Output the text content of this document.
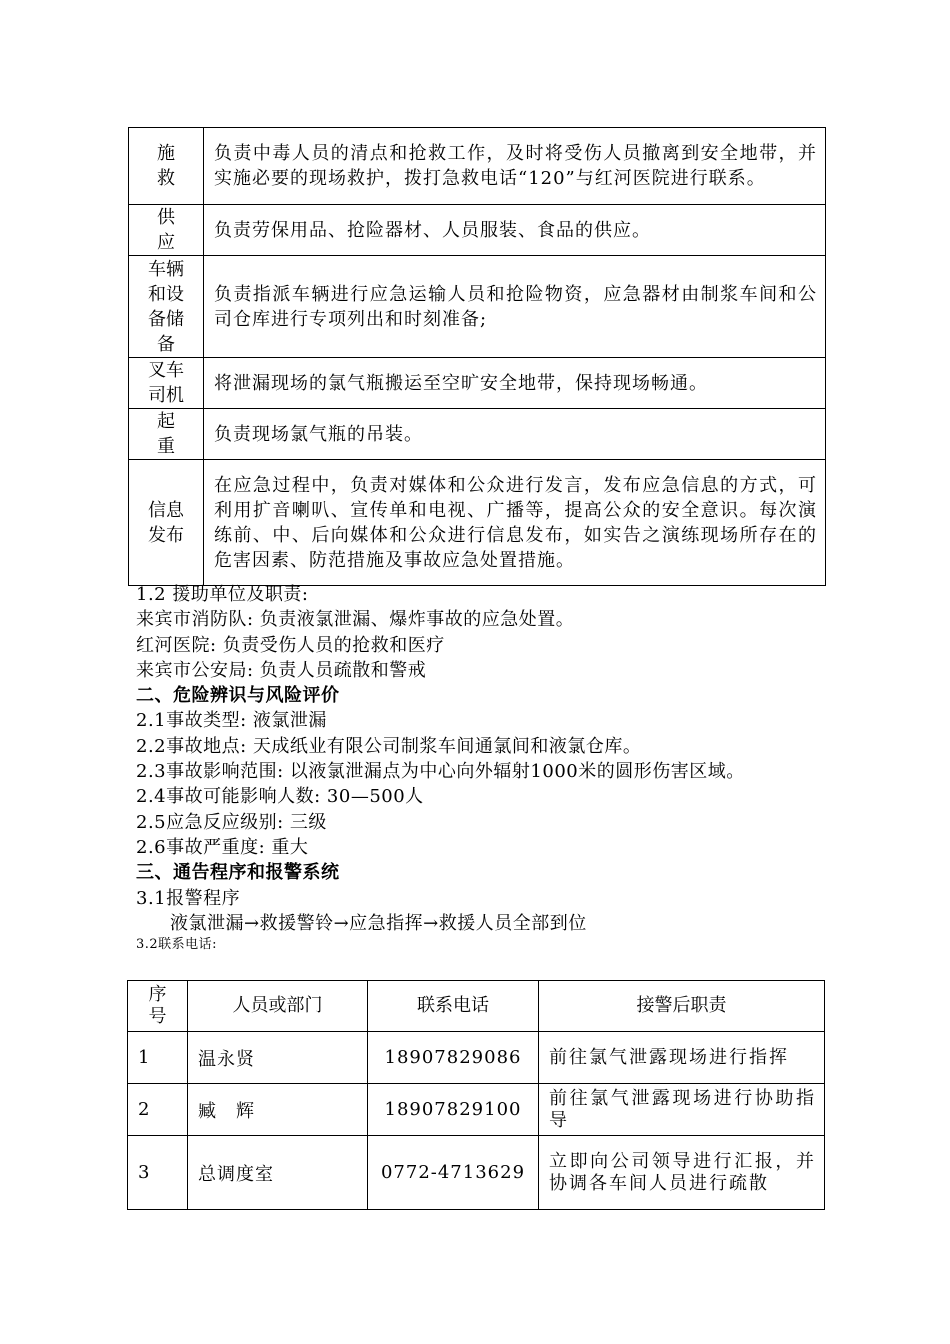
施
救	负责中毒人员的清点和抢救工作，及时将受伤人员撤离到安全地带，并实施必要的现场救护，拨打急救电话“120”与红河医院进行联系。

供
应	负责劳保用品、抢险器材、人员服装、食品的供应。

车辆
和设
备储
备	负责指派车辆进行应急运输人员和抢险物资，应急器材由制浆车间和公司仓库进行专项列出和时刻准备;

叉车
司机	将泄漏现场的氯气瓶搬运至空旷安全地带，保持现场畅通。

起
重	负责现场氯气瓶的吊装。

信息
发布	在应急过程中，负责对媒体和公众进行发言，发布应急信息的方式，可利用扩音喇叭、宣传单和电视、广播等，提高公众的安全意识。每次演练前、中、后向媒体和公众进行信息发布，如实告之演练现场所存在的危害因素、防范措施及事故应急处置措施。

1.2 援助单位及职责:

来宾市消防队: 负责液氯泄漏、爆炸事故的应急处置。

红河医院: 负责受伤人员的抢救和医疗

来宾市公安局: 负责人员疏散和警戒

二、危险辨识与风险评价

2.1事故类型: 液氯泄漏

2.2事故地点: 天成纸业有限公司制浆车间通氯间和液氯仓库。

2.3事故影响范围: 以液氯泄漏点为中心向外辐射1000米的圆形伤害区域。

2.4事故可能影响人数: 30—500人

2.5应急反应级别: 三级

2.6事故严重度: 重大

三、通告程序和报警系统

3.1报警程序

液氯泄漏→救援警铃→应急指挥→救援人员全部到位

3.2联系电话:

序
号	人员或部门	联系电话	接警后职责
1	温永贤	18907829086	前往氯气泄露现场进行指挥
2	臧　辉	18907829100	前往氯气泄露现场进行协助指导
3	总调度室	0772-4713629	立即向公司领导进行汇报，并协调各车间人员进行疏散
